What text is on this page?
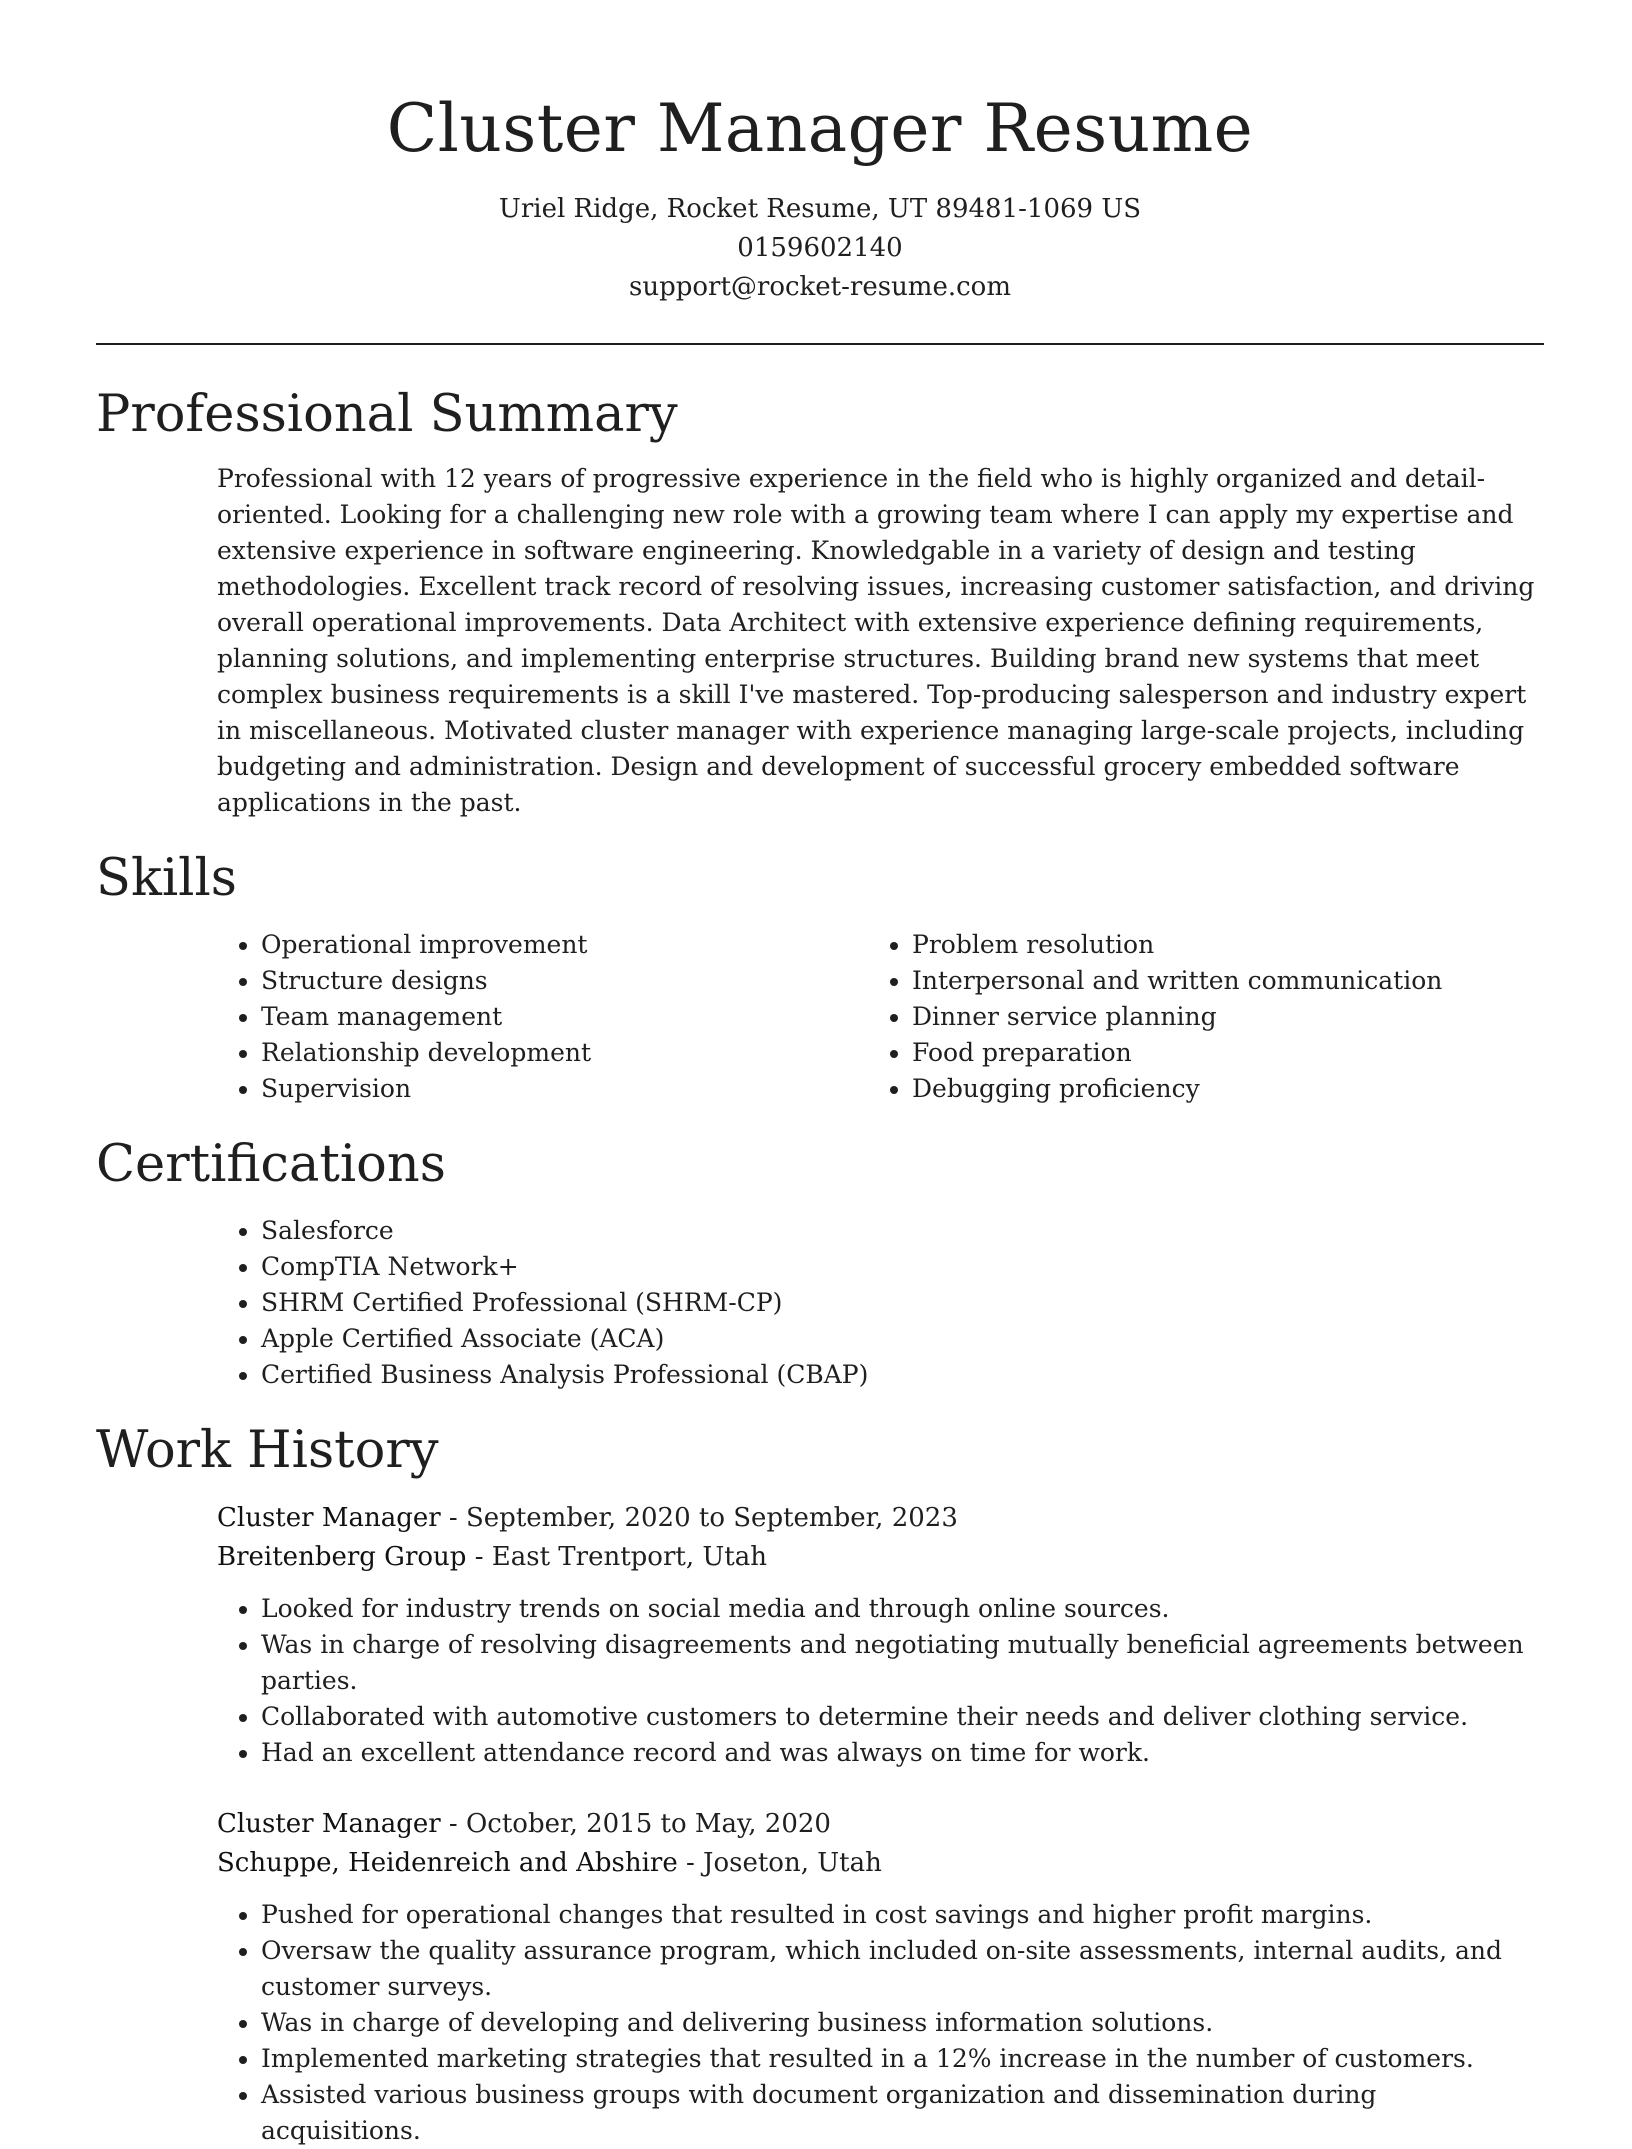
Cluster Manager Resume
Uriel Ridge, Rocket Resume, UT 89481-1069 US
0159602140
support@rocket-resume.com
Professional Summary
Professional with 12 years of progressive experience in the field who is highly organized and detail-oriented. Looking for a challenging new role with a growing team where I can apply my expertise and extensive experience in software engineering. Knowledgable in a variety of design and testing methodologies. Excellent track record of resolving issues, increasing customer satisfaction, and driving overall operational improvements. Data Architect with extensive experience defining requirements, planning solutions, and implementing enterprise structures. Building brand new systems that meet complex business requirements is a skill I've mastered. Top-producing salesperson and industry expert in miscellaneous. Motivated cluster manager with experience managing large-scale projects, including budgeting and administration. Design and development of successful grocery embedded software applications in the past.
Skills
• Operational improvement
• Structure designs
• Team management
• Relationship development
• Supervision
• Problem resolution
• Interpersonal and written communication
• Dinner service planning
• Food preparation
• Debugging proficiency
Certifications
• Salesforce
• CompTIA Network+
• SHRM Certified Professional (SHRM-CP)
• Apple Certified Associate (ACA)
• Certified Business Analysis Professional (CBAP)
Work History
Cluster Manager - September, 2020 to September, 2023
Breitenberg Group - East Trentport, Utah
• Looked for industry trends on social media and through online sources.
• Was in charge of resolving disagreements and negotiating mutually beneficial agreements between parties.
• Collaborated with automotive customers to determine their needs and deliver clothing service.
• Had an excellent attendance record and was always on time for work.
Cluster Manager - October, 2015 to May, 2020
Schuppe, Heidenreich and Abshire - Joseton, Utah
• Pushed for operational changes that resulted in cost savings and higher profit margins.
• Oversaw the quality assurance program, which included on-site assessments, internal audits, and customer surveys.
• Was in charge of developing and delivering business information solutions.
• Implemented marketing strategies that resulted in a 12% increase in the number of customers.
• Assisted various business groups with document organization and dissemination during acquisitions.
